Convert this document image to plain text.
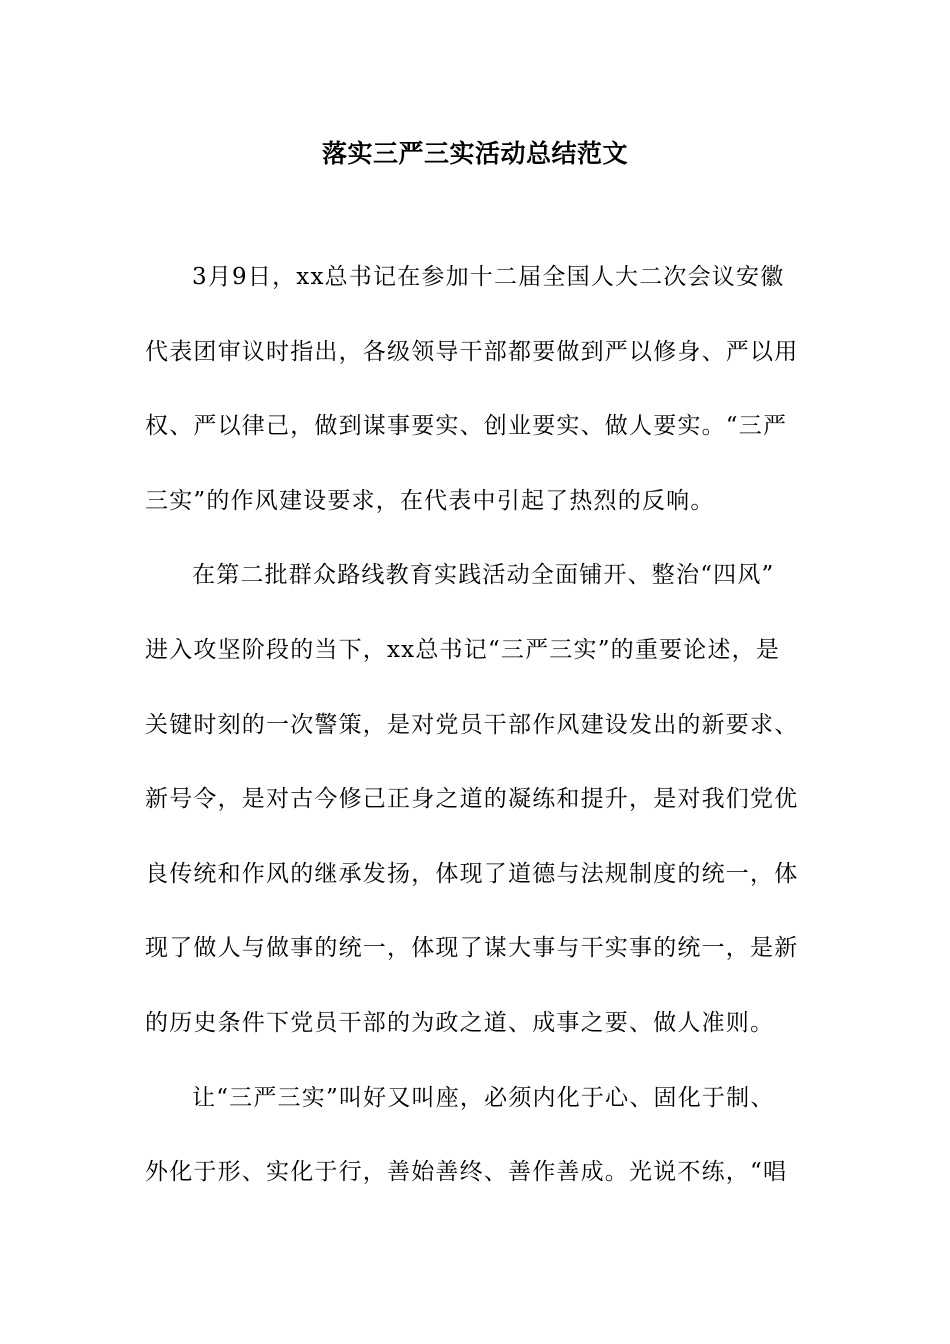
落实三严三实活动总结范文
3月9日，xx总书记在参加十二届全国人大二次会议安徽
代表团审议时指出，各级领导干部都要做到严以修身、严以用
权、严以律己，做到谋事要实、创业要实、做人要实。“三严
三实”的作风建设要求，在代表中引起了热烈的反响。
在第二批群众路线教育实践活动全面铺开、整治“四风”
进入攻坚阶段的当下，xx总书记“三严三实”的重要论述，是
关键时刻的一次警策，是对党员干部作风建设发出的新要求、
新号令，是对古今修己正身之道的凝练和提升，是对我们党优
良传统和作风的继承发扬，体现了道德与法规制度的统一，体
现了做人与做事的统一，体现了谋大事与干实事的统一，是新
的历史条件下党员干部的为政之道、成事之要、做人准则。
让“三严三实”叫好又叫座，必须内化于心、固化于制、
外化于形、实化于行，善始善终、善作善成。光说不练，“唱
